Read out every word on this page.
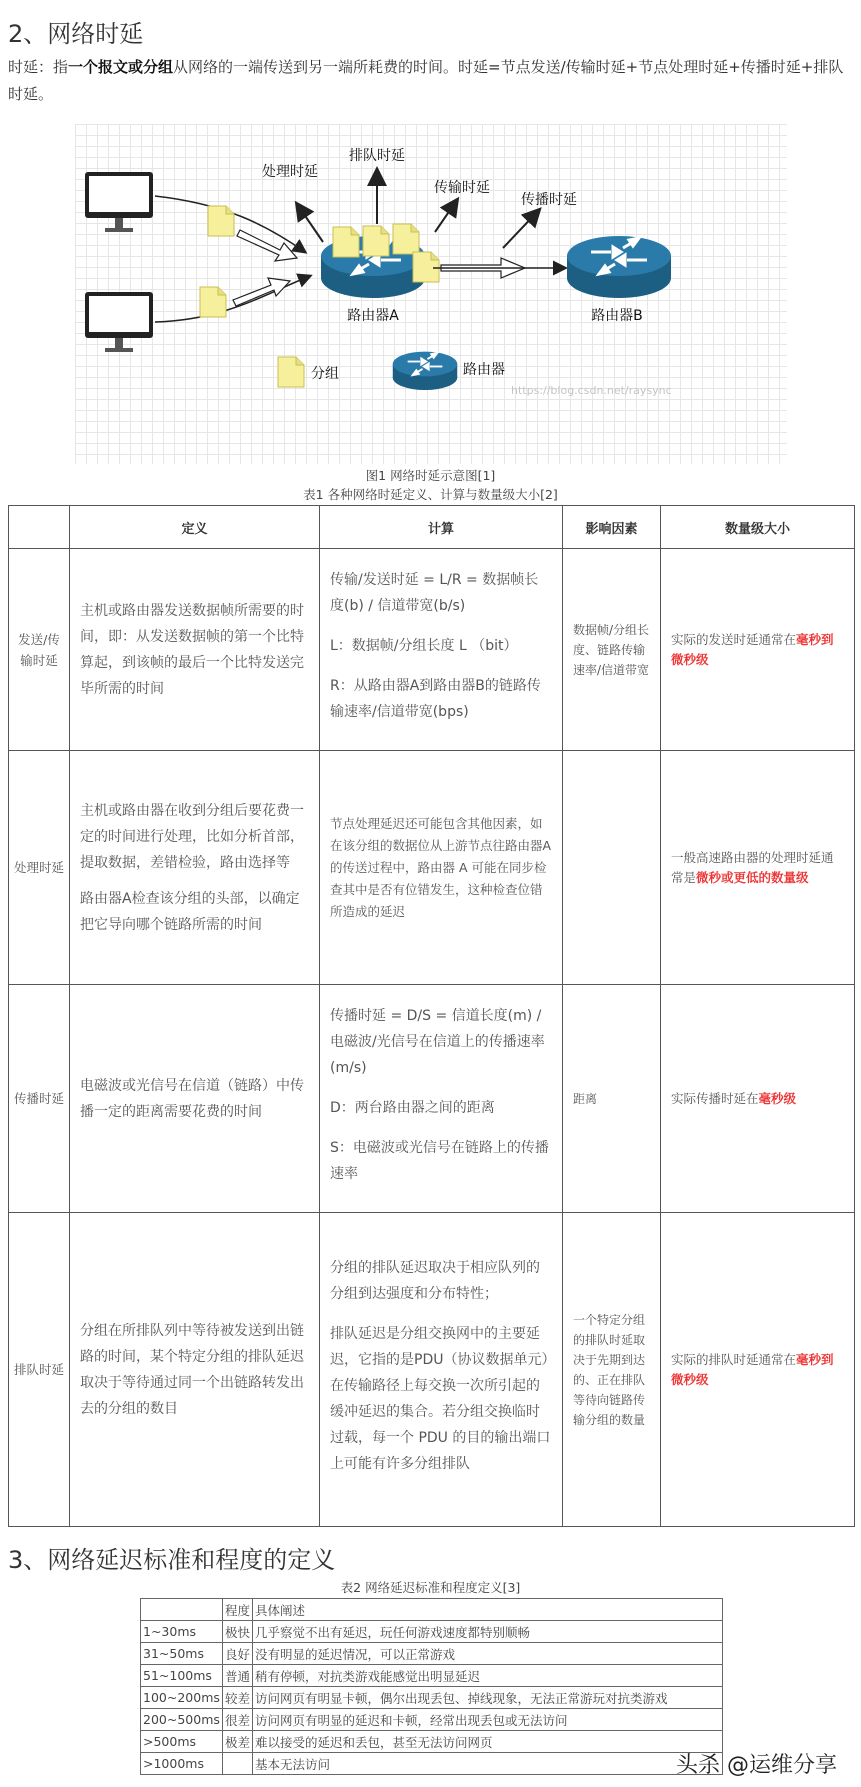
2、网络时延
时延：指一个报文或分组从网络的一端传送到另一端所耗费的时间。时延=节点发送/传输时延+节点处理时延+传播时延+排队时延。
处理时延
排队时延
传输时延
传播时延
路由器A	路由器B
分组	路由器
https://blog.csdn.net/raysync
图1 网络时延示意图[1]
表1 各种网络时延定义、计算与数量级大小[2]
	定义	计算	影响因素	数量级大小
发送/传输时延	主机或路由器发送数据帧所需要的时间，即：从发送数据帧的第一个比特算起，到该帧的最后一个比特发送完毕所需的时间	传输/发送时延 = L/R = 数据帧长度(b) / 信道带宽(b/s)

L：数据帧/分组长度 L （bit）

R：从路由器A到路由器B的链路传输速率/信道带宽(bps)	数据帧/分组长度、链路传输速率/信道带宽	实际的发送时延通常在毫秒到微秒级
处理时延	主机或路由器在收到分组后要花费一定的时间进行处理，比如分析首部，提取数据，差错检验，路由选择等
路由器A检查该分组的头部，以确定把它导向哪个链路所需的时间	节点处理延迟还可能包含其他因素，如在该分组的数据位从上游节点往路由器A的传送过程中，路由器 A 可能在同步检查其中是否有位错发生，这种检查位错所造成的延迟		一般高速路由器的处理时延通常是微秒或更低的数量级
传播时延	电磁波或光信号在信道（链路）中传播一定的距离需要花费的时间	传播时延 = D/S = 信道长度(m) / 电磁波/光信号在信道上的传播速率(m/s)

D：两台路由器之间的距离

S：电磁波或光信号在链路上的传播速率	距离	实际传播时延在毫秒级
排队时延	分组在所排队列中等待被发送到出链路的时间，某个特定分组的排队延迟取决于等待通过同一个出链路转发出去的分组的数目	分组的排队延迟取决于相应队列的分组到达强度和分布特性；

排队延迟是分组交换网中的主要延迟，它指的是PDU（协议数据单元）在传输路径上每交换一次所引起的缓冲延迟的集合。若分组交换临时过载，每一个 PDU 的目的输出端口上可能有许多分组排队	一个特定分组的排队时延取决于先期到达的、正在排队等待向链路传输分组的数量	实际的排队时延通常在毫秒到微秒级
3、网络延迟标准和程度的定义
表2 网络延迟标准和程度定义[3]
	程度	具体阐述
1~30ms	极快	几乎察觉不出有延迟，玩任何游戏速度都特别顺畅
31~50ms	良好	没有明显的延迟情况，可以正常游戏
51~100ms	普通	稍有停顿，对抗类游戏能感觉出明显延迟
100~200ms	较差	访问网页有明显卡顿，偶尔出现丢包、掉线现象，无法正常游玩对抗类游戏
200~500ms	很差	访问网页有明显的延迟和卡顿，经常出现丢包或无法访问
>500ms	极差	难以接受的延迟和丢包，甚至无法访问网页
>1000ms		基本无法访问	头杀 @运维分享
